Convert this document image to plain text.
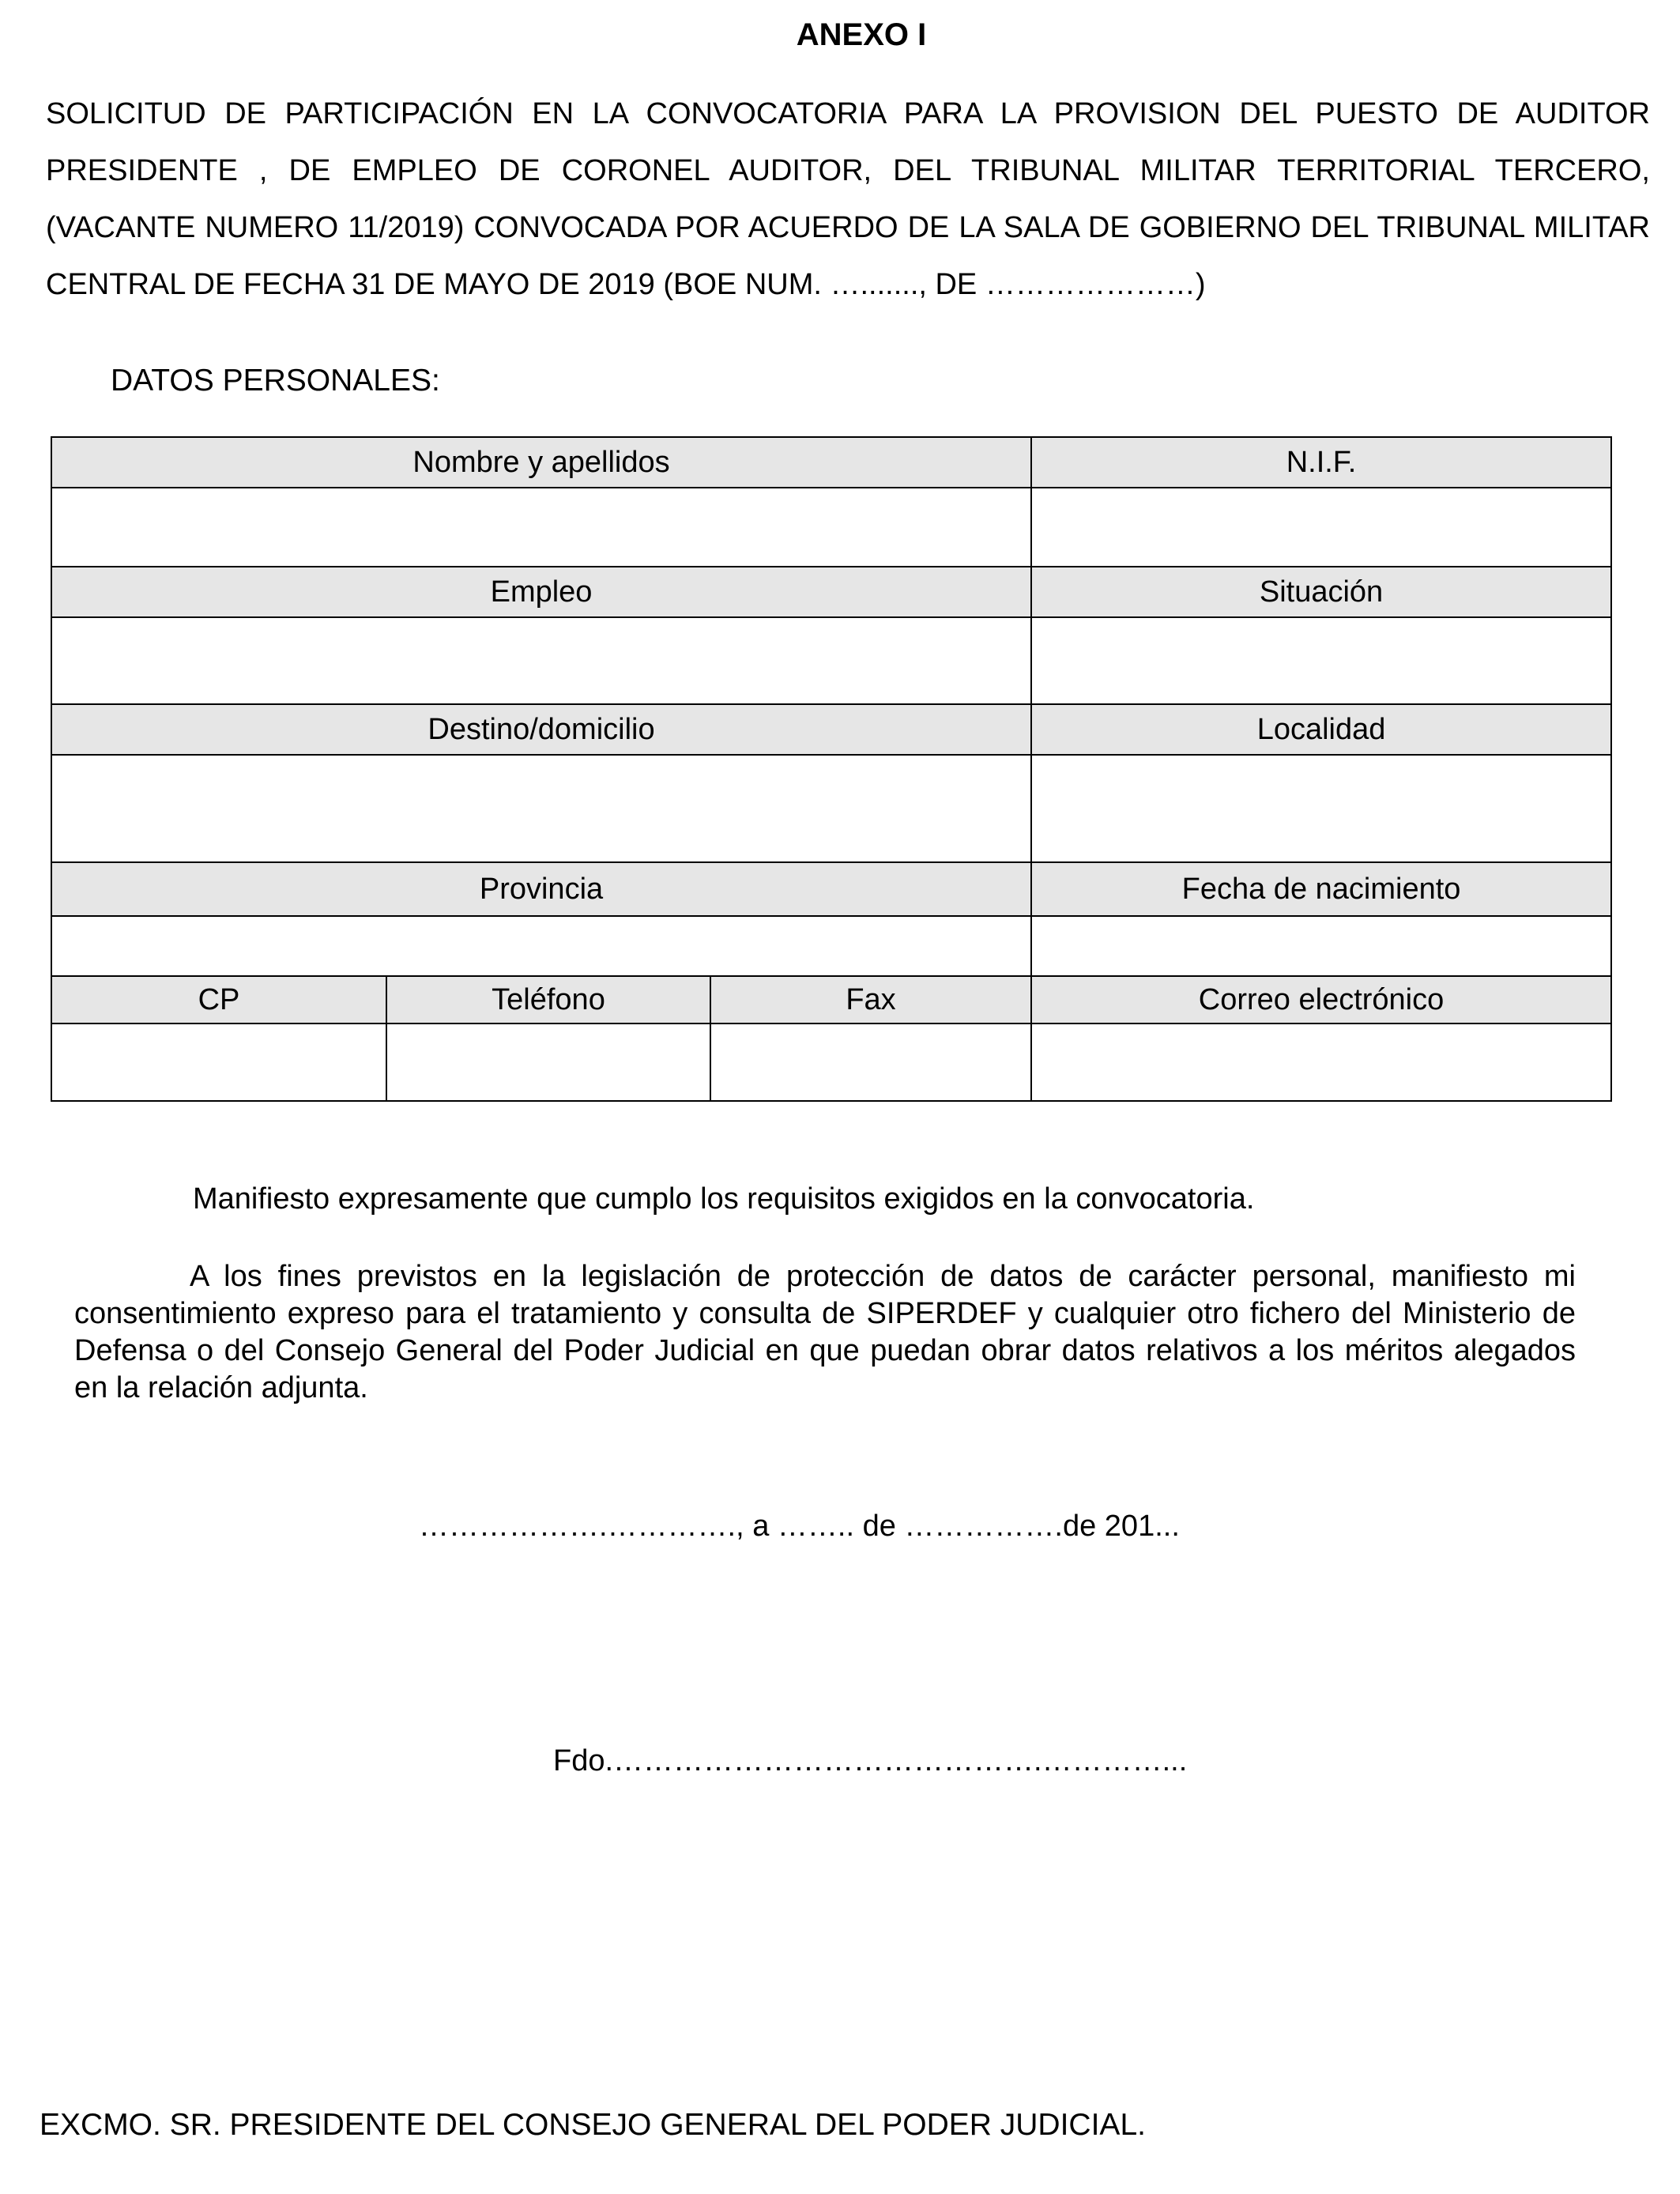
ANEXO I
SOLICITUD DE PARTICIPACIÓN EN LA CONVOCATORIA PARA LA PROVISION DEL PUESTO DE AUDITOR PRESIDENTE , DE EMPLEO DE CORONEL AUDITOR, DEL TRIBUNAL MILITAR TERRITORIAL TERCERO, (VACANTE NUMERO 11/2019) CONVOCADA POR ACUERDO DE LA SALA DE GOBIERNO DEL TRIBUNAL MILITAR CENTRAL DE FECHA 31 DE MAYO DE 2019 (BOE NUM. …......., DE …………………)
DATOS PERSONALES:
Nombre y apellidos			N.I.F.

Empleo			Situación

Destino/domicilio			Localidad

Provincia			Fecha de nacimiento

CP	Teléfono	Fax	Correo electrónico

Manifiesto expresamente que cumplo los requisitos exigidos en la convocatoria.
A los fines previstos en la legislación de protección de datos de carácter personal, manifiesto mi consentimiento expreso para el tratamiento y consulta de SIPERDEF y cualquier otro fichero del Ministerio de Defensa o del Consejo General del Poder Judicial en que puedan obrar datos relativos a los méritos alegados en la relación adjunta.
……………….…………., a …….. de …………….de 201...
Fdo.…………………………………….…………...
EXCMO. SR. PRESIDENTE DEL CONSEJO GENERAL DEL PODER JUDICIAL.
